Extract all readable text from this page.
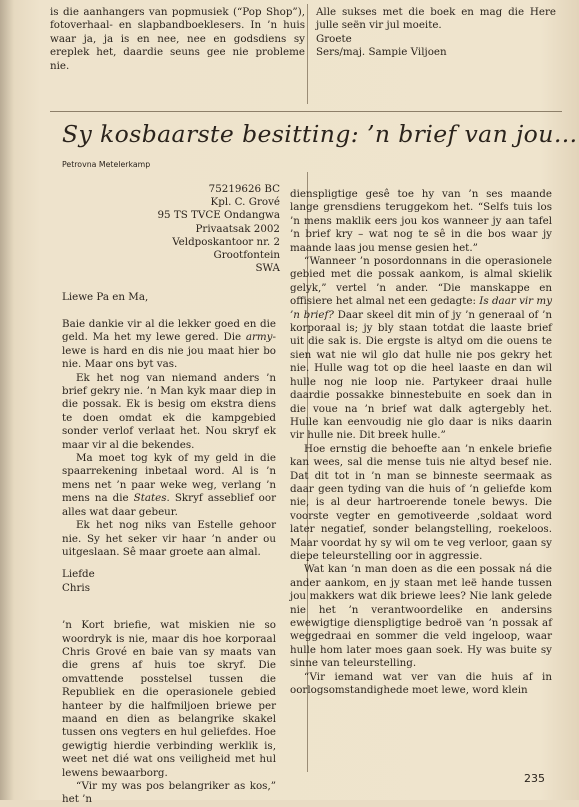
is die aanhangers van popmusiek (“Pop Shop”), fotoverhaal- en slapbandboeklesers. In ’n huis waar ja, ja is en nee, nee en godsdiens sy ereplek het, daardie seuns gee nie probleme nie.

Alle sukses met die boek en mag die Here julle seën vir jul moeite.

Groete

Sers/maj. Sampie Viljoen

Sy kosbaarste besitting: ’n brief van jou…
Petrovna Metelerkamp
75219626 BC
Kpl. C. Grové
95 TS TVCE Ondangwa
Privaatsak 2002
Veldposkantoor nr. 2
Grootfontein
SWA
Liewe Pa en Ma,

Baie dankie vir al die lekker goed en die geld. Ma het my lewe gered. Die army-lewe is hard en dis nie jou maat hier bo nie. Maar ons byt vas.

Ek het nog van niemand anders ’n brief gekry nie. ’n Man kyk maar diep in die possak. Ek is besig om ekstra diens te doen omdat ek die kampgebied sonder verlof verlaat het. Nou skryf ek maar vir al die bekendes.

Ma moet tog kyk of my geld in die spaarrekening inbetaal word. Al is ’n mens net ’n paar weke weg, verlang ’n mens na die States. Skryf asseblief oor alles wat daar gebeur.

Ek het nog niks van Estelle gehoor nie. Sy het seker vir haar ’n ander ou uitgeslaan. Sê maar groete aan almal.

Liefde

Chris

’n Kort briefie, wat miskien nie so woordryk is nie, maar dis hoe korporaal Chris Grové en baie van sy maats van die grens af huis toe skryf. Die omvattende posstelsel tussen die Republiek en die operasionele gebied hanteer by die halfmiljoen briewe per maand en dien as belangrike skakel tussen ons vegters en hul geliefdes. Hoe gewigtig hierdie verbinding werklik is, weet net dié wat ons veiligheid met hul lewens bewaarborg.

“Vir my was pos belangriker as kos,” het ’n

dienspligtige gesê toe hy van ’n ses maande lange grensdiens teruggekom het. “Selfs tuis los ’n mens maklik eers jou kos wanneer jy aan tafel ’n brief kry – wat nog te sê in die bos waar jy maande laas jou mense gesien het.”

“Wanneer ’n posordonnans in die operasionele gebied met die possak aankom, is almal skielik gelyk,” vertel ’n ander. “Die manskappe en offisiere het almal net een gedagte: Is daar vir my ’n brief? Daar skeel dit min of jy ’n generaal of ’n korporaal is; jy bly staan totdat die laaste brief uit die sak is. Die ergste is altyd om die ouens te sien wat nie wil glo dat hulle nie pos gekry het nie. Hulle wag tot op die heel laaste en dan wil hulle nog nie loop nie. Partykeer draai hulle daardie possakke binnestebuite en soek dan in die voue na ’n brief wat dalk agtergebly het. Hulle kan eenvoudig nie glo daar is niks daarin vir hulle nie. Dit breek hulle.”

Hoe ernstig die behoefte aan ’n enkele briefie kan wees, sal die mense tuis nie altyd besef nie. Dat dit tot in ’n man se binneste seermaak as daar geen tyding van die huis of ’n geliefde kom nie, is al deur hartroerende tonele bewys. Die voorste vegter en gemotiveerde ,soldaat word later negatief, sonder belangstelling, roekeloos. Maar voordat hy sy wil om te veg verloor, gaan sy diepe teleurstelling oor in aggressie.

Wat kan ’n man doen as die een possak ná die ander aankom, en jy staan met leë hande tussen jou makkers wat dik briewe lees? Nie lank gelede nie het ’n verantwoordelike en andersins ewewigtige dienspligtige bedroë van ’n possak af weggedraai en sommer die veld ingeloop, waar hulle hom later moes gaan soek. Hy was buite sy sinne van teleurstelling.

“Vir iemand wat ver van die huis af in oorlogsomstandighede moet lewe, word klein

235
